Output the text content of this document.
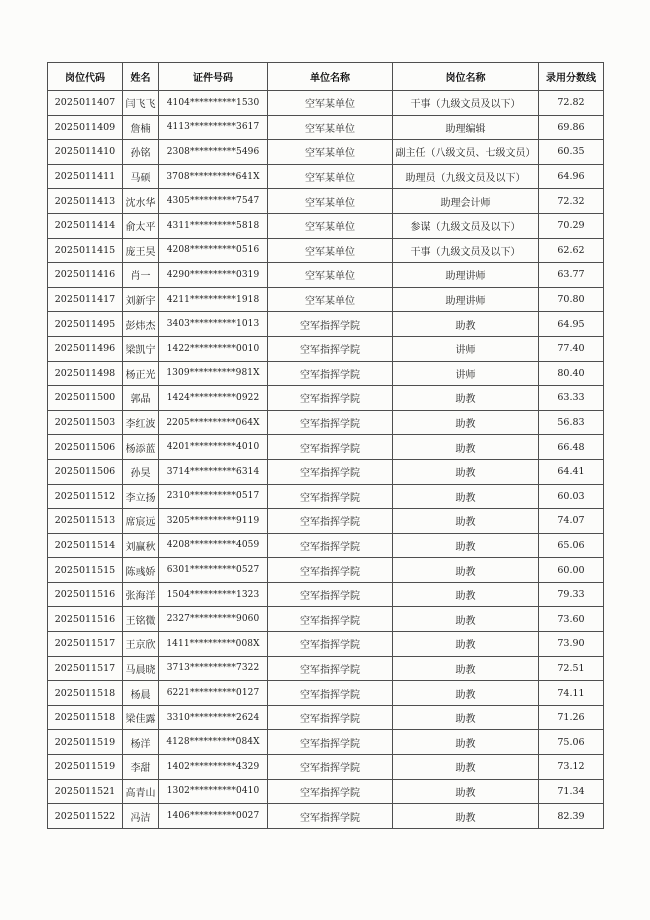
岗位代码	姓名	证件号码	单位名称	岗位名称	录用分数线
2025011407	闫飞飞	4104**********1530	空军某单位	干事（九级文员及以下）	72.82
2025011409	詹楠	4113**********3617	空军某单位	助理编辑	69.86
2025011410	孙铭	2308**********5496	空军某单位	副主任（八级文员、七级文员）	60.35
2025011411	马硕	3708**********641X	空军某单位	助理员（九级文员及以下）	64.96
2025011413	沈水华	4305**********7547	空军某单位	助理会计师	72.32
2025011414	俞太平	4311**********5818	空军某单位	参谋（九级文员及以下）	70.29
2025011415	庞王昊	4208**********0516	空军某单位	干事（九级文员及以下）	62.62
2025011416	肖一	4290**********0319	空军某单位	助理讲师	63.77
2025011417	刘新宇	4211**********1918	空军某单位	助理讲师	70.80
2025011495	彭炜杰	3403**********1013	空军指挥学院	助教	64.95
2025011496	梁凯宁	1422**********0010	空军指挥学院	讲师	77.40
2025011498	杨正光	1309**********981X	空军指挥学院	讲师	80.40
2025011500	郭晶	1424**********0922	空军指挥学院	助教	63.33
2025011503	李红波	2205**********064X	空军指挥学院	助教	56.83
2025011506	杨添蓝	4201**********4010	空军指挥学院	助教	66.48
2025011506	孙昊	3714**********6314	空军指挥学院	助教	64.41
2025011512	李立扬	2310**********0517	空军指挥学院	助教	60.03
2025011513	席宸远	3205**********9119	空军指挥学院	助教	74.07
2025011514	刘赢秋	4208**********4059	空军指挥学院	助教	65.06
2025011515	陈彧娇	6301**********0527	空军指挥学院	助教	60.00
2025011516	张海洋	1504**********1323	空军指挥学院	助教	79.33
2025011516	王铭微	2327**********9060	空军指挥学院	助教	73.60
2025011517	王京欣	1411**********008X	空军指挥学院	助教	73.90
2025011517	马晨晓	3713**********7322	空军指挥学院	助教	72.51
2025011518	杨晨	6221**********0127	空军指挥学院	助教	74.11
2025011518	梁佳露	3310**********2624	空军指挥学院	助教	71.26
2025011519	杨洋	4128**********084X	空军指挥学院	助教	75.06
2025011519	李甜	1402**********4329	空军指挥学院	助教	73.12
2025011521	高青山	1302**********0410	空军指挥学院	助教	71.34
2025011522	冯洁	1406**********0027	空军指挥学院	助教	82.39
